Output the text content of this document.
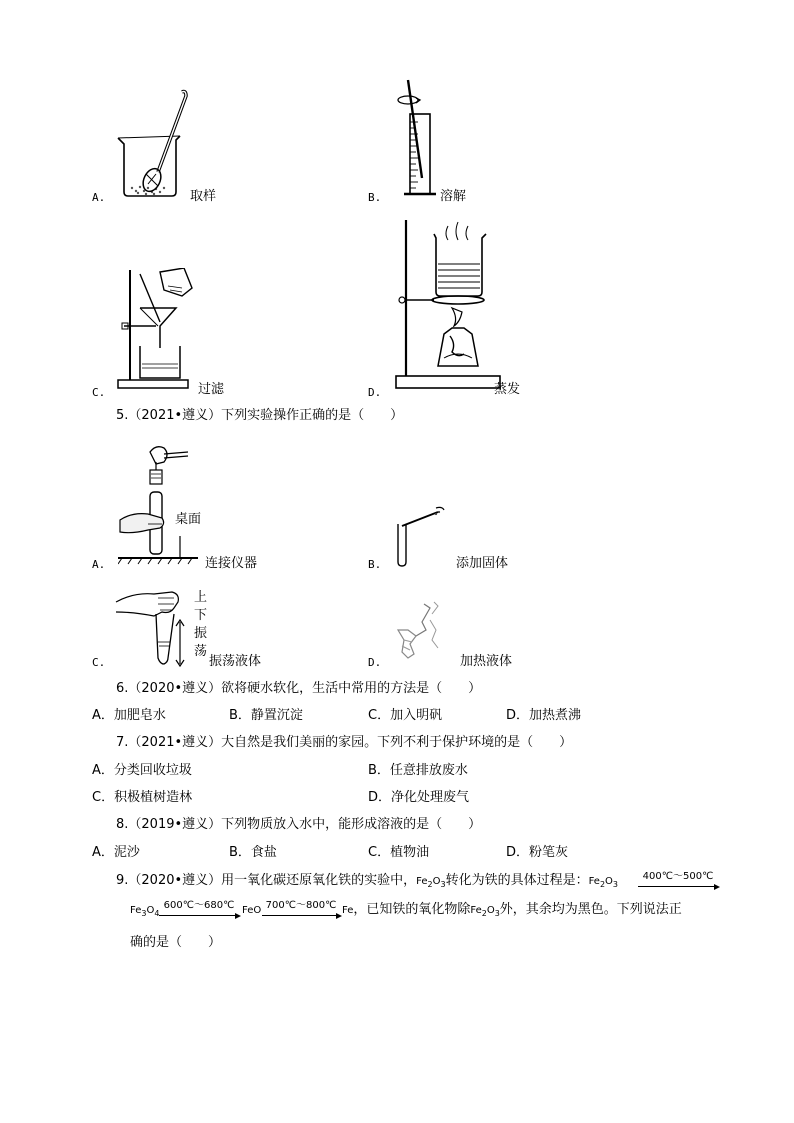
A.	取样	B.	溶解
C.	过滤	D.	蒸发
5.（2021•遵义）下列实验操作正确的是（　　）
桌面
A.	连接仪器	B.	添加固体
上
下
振
荡
C.	振荡液体	D.	加热液体
6.（2020•遵义）欲将硬水软化，生活中常用的方法是（　　）
A．加肥皂水	B．静置沉淀	C．加入明矾	D．加热煮沸
7.（2021•遵义）大自然是我们美丽的家园。下列不利于保护环境的是（　　）
A．分类回收垃圾	B．任意排放废水
C．积极植树造林	D．净化处理废气
8.（2019•遵义）下列物质放入水中，能形成溶液的是（　　）
A．泥沙	B．食盐	C．植物油	D．粉笔灰
9.（2020•遵义）用一氧化碳还原氧化铁的实验中，$Fe_2O_3$转化为铁的具体过程是：$Fe_2O_3$
400℃～500℃
$Fe_3O_4$
600℃～680℃ FeO 700℃～800℃ Fe，已知铁的氧化物除$Fe_2O_3$外，其余均为黑色。下列说法正
确的是（　　）
